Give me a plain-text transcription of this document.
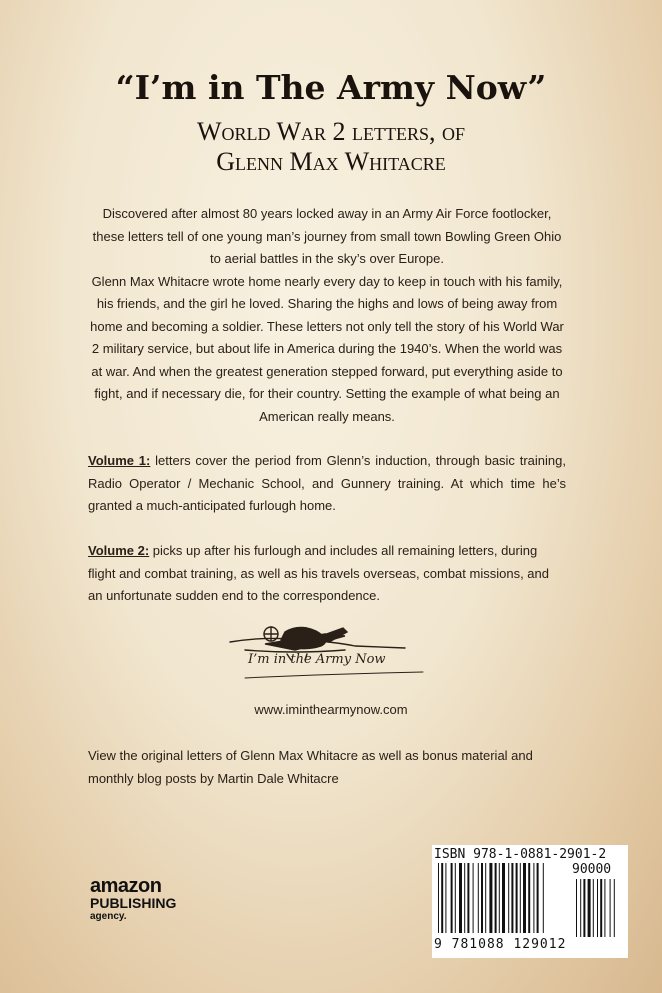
“I’m in The Army Now”
World War 2 letters, of
Glenn Max Whitacre

Discovered after almost 80 years locked away in an Army Air Force footlocker, these letters tell of one young man’s journey from small town Bowling Green Ohio to aerial battles in the sky’s over Europe.

Glenn Max Whitacre wrote home nearly every day to keep in touch with his family, his friends, and the girl he loved. Sharing the highs and lows of being away from home and becoming a soldier. These letters not only tell the story of his World War 2 military service, but about life in America during the 1940’s. When the world was at war. And when the greatest generation stepped forward, put everything aside to fight, and if necessary die, for their country. Setting the example of what being an American really means.

Volume 1: letters cover the period from Glenn’s induction, through basic training, Radio Operator / Mechanic School, and Gunnery training. At which time he’s granted a much-anticipated furlough home.
Volume 2: picks up after his furlough and includes all remaining letters, during flight and combat training, as well as his travels overseas, combat missions, and an unfortunate sudden end to the correspondence.
I’m in the Army Now
www.iminthearmynow.com
View the original letters of Glenn Max Whitacre as well as bonus material and monthly blog posts by Martin Dale Whitacre
amazon
PUBLISHING
agency.
ISBN 978-1-0881-2901-2
90000
9 781088 129012
